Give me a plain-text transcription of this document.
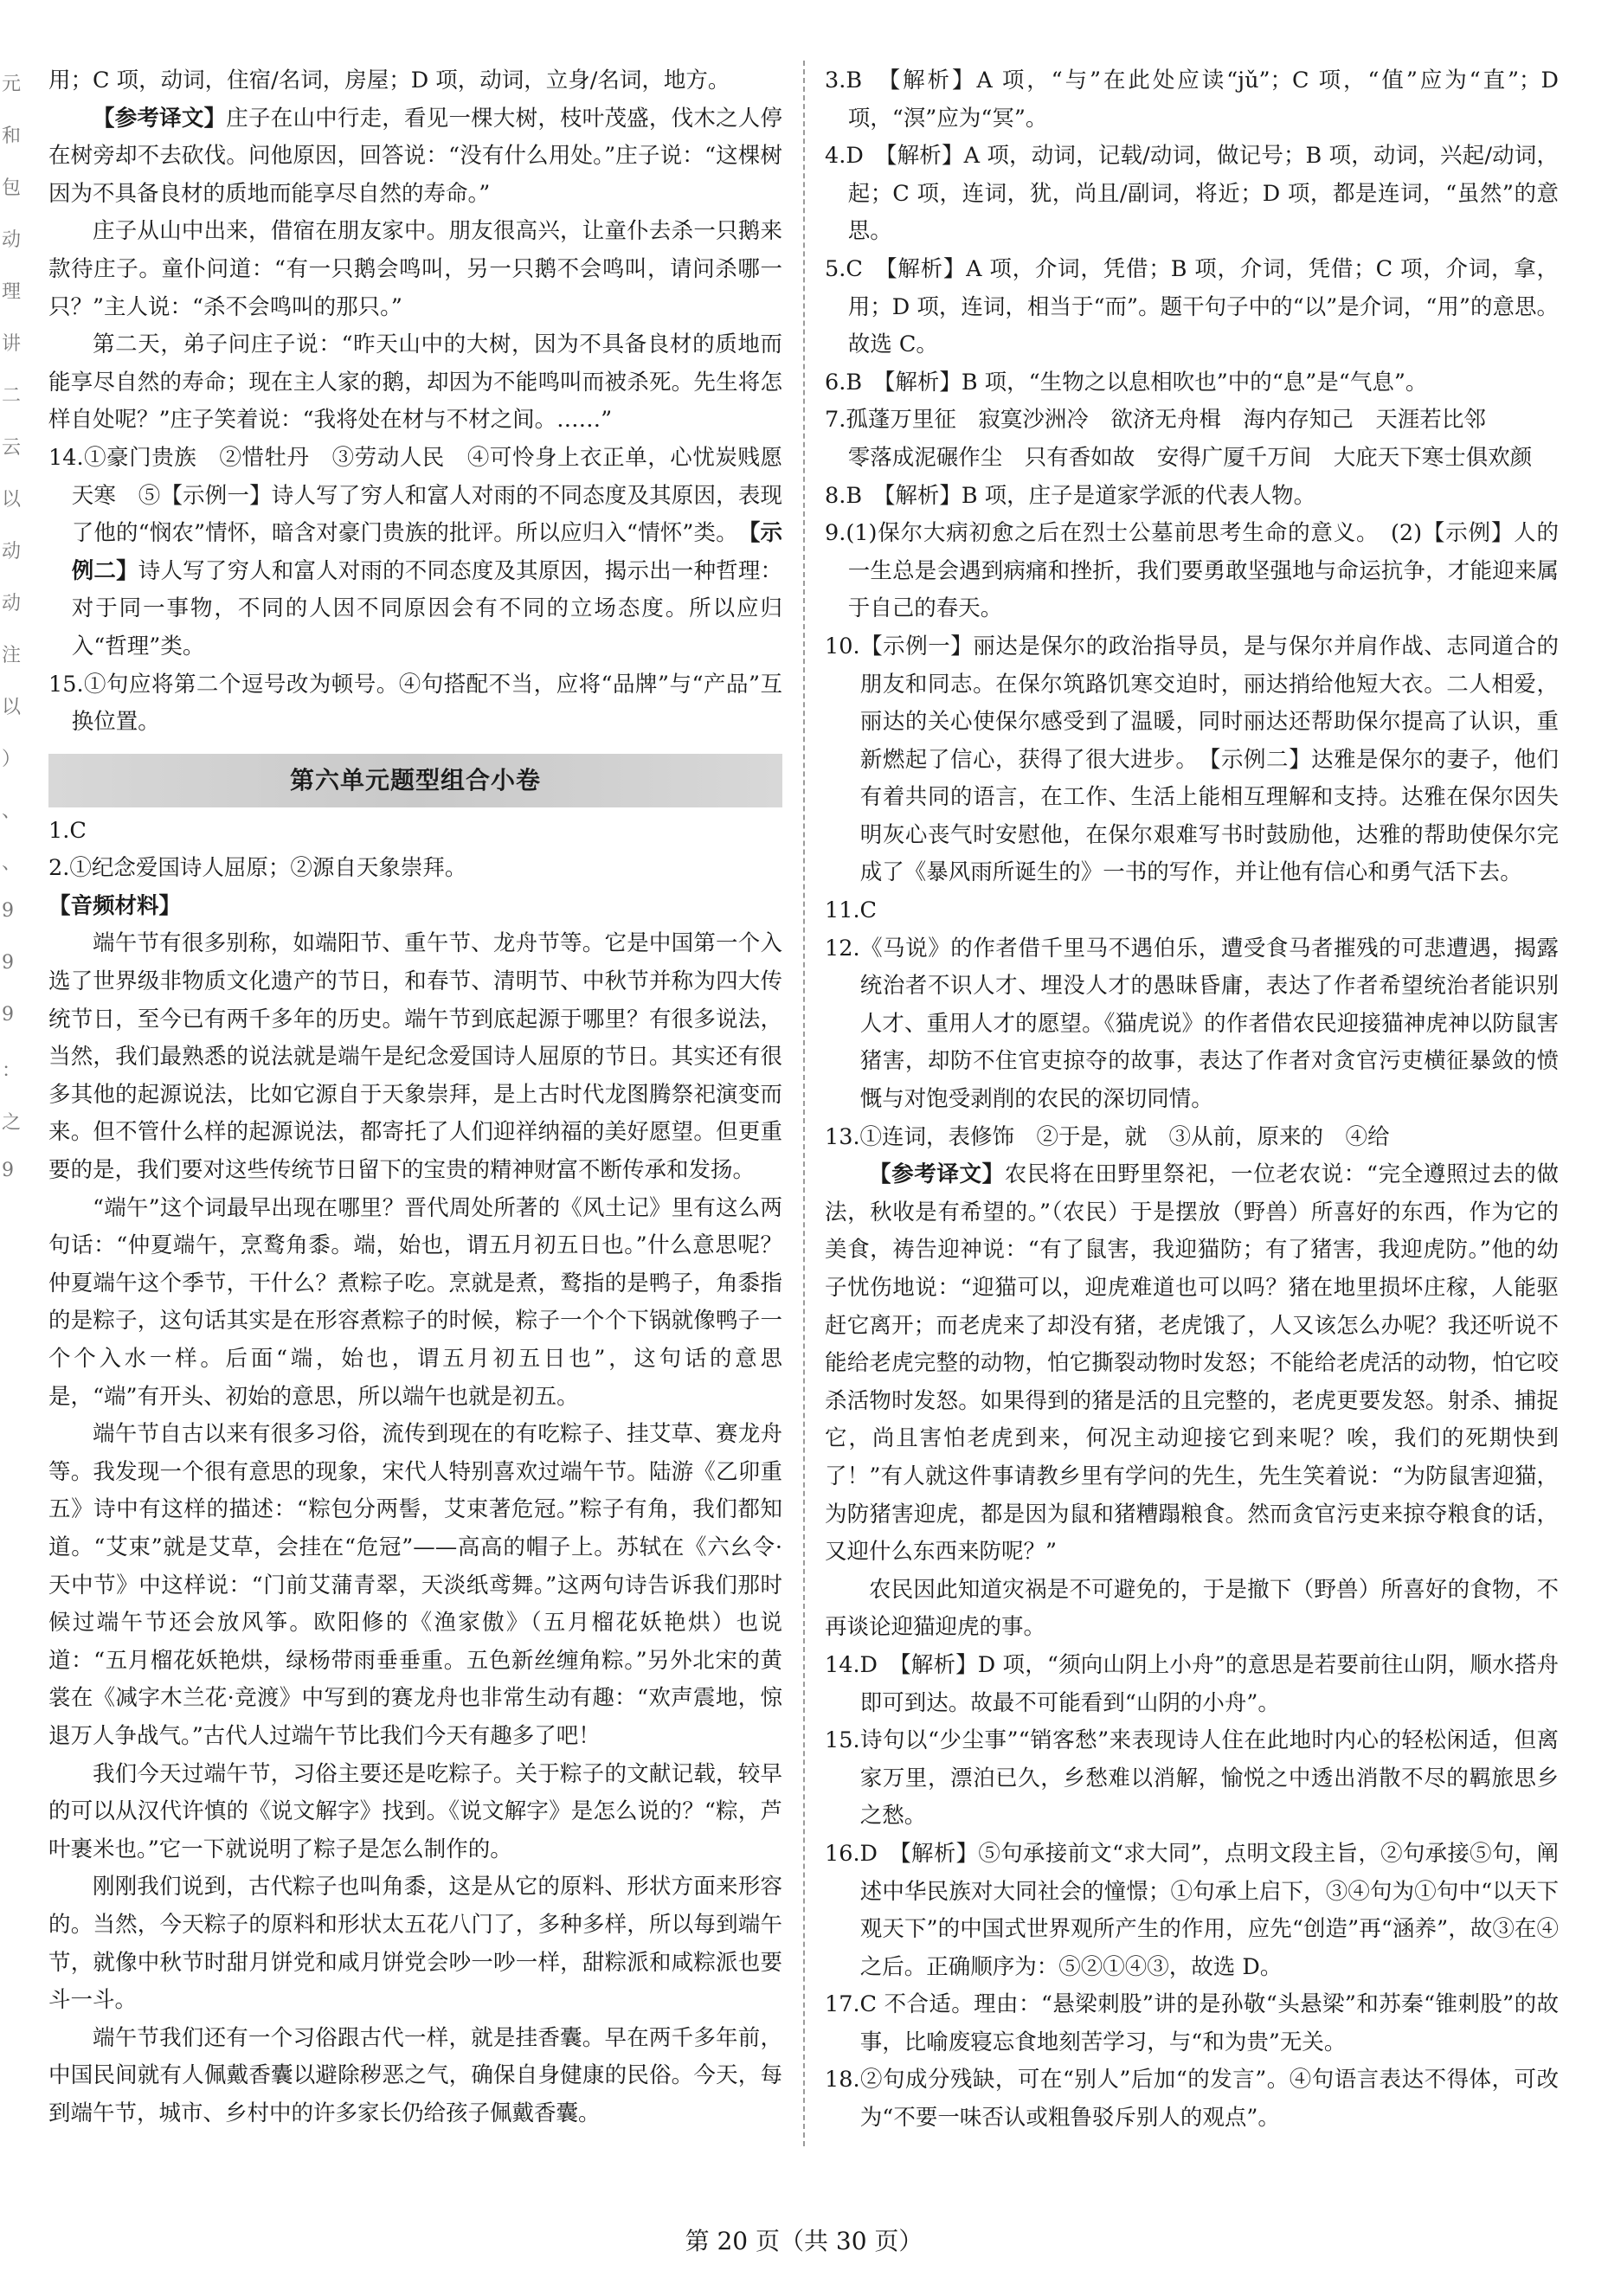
元
和
包
动
理
讲
二
云
以
动
动
注
以
）
、
、
9
9
9
：
之
9

用；C 项，动词，住宿/名词，房屋；D 项，动词，立身/名词，地方。

【参考译文】庄子在山中行走，看见一棵大树，枝叶茂盛，伐木之人停在树旁却不去砍伐。问他原因，回答说：“没有什么用处。”庄子说：“这棵树因为不具备良材的质地而能享尽自然的寿命。”

庄子从山中出来，借宿在朋友家中。朋友很高兴，让童仆去杀一只鹅来款待庄子。童仆问道：“有一只鹅会鸣叫，另一只鹅不会鸣叫，请问杀哪一只？”主人说：“杀不会鸣叫的那只。”

第二天，弟子问庄子说：“昨天山中的大树，因为不具备良材的质地而能享尽自然的寿命；现在主人家的鹅，却因为不能鸣叫而被杀死。先生将怎样自处呢？”庄子笑着说：“我将处在材与不材之间。……”

14.①豪门贵族　②惜牡丹　③劳动人民　④可怜身上衣正单，心忧炭贱愿天寒　⑤【示例一】诗人写了穷人和富人对雨的不同态度及其原因，表现了他的“悯农”情怀，暗含对豪门贵族的批评。所以应归入“情怀”类。　 【示例二】诗人写了穷人和富人对雨的不同态度及其原因，揭示出一种哲理：对于同一事物，不同的人因不同原因会有不同的立场态度。所以应归入“哲理”类。

15.①句应将第二个逗号改为顿号。④句搭配不当，应将“品牌”与“产品”互换位置。

第六单元题型组合小卷

1.C

2.①纪念爱国诗人屈原；②源自天象崇拜。

【音频材料】

端午节有很多别称，如端阳节、重午节、龙舟节等。它是中国第一个入选了世界级非物质文化遗产的节日，和春节、清明节、中秋节并称为四大传统节日，至今已有两千多年的历史。端午节到底起源于哪里？有很多说法，当然，我们最熟悉的说法就是端午是纪念爱国诗人屈原的节日。其实还有很多其他的起源说法，比如它源自于天象崇拜，是上古时代龙图腾祭祀演变而来。但不管什么样的起源说法，都寄托了人们迎祥纳福的美好愿望。但更重要的是，我们要对这些传统节日留下的宝贵的精神财富不断传承和发扬。

“端午”这个词最早出现在哪里？晋代周处所著的《风土记》里有这么两句话：“仲夏端午，烹鹜角黍。端，始也，谓五月初五日也。”什么意思呢？仲夏端午这个季节，干什么？煮粽子吃。烹就是煮，鹜指的是鸭子，角黍指的是粽子，这句话其实是在形容煮粽子的时候，粽子一个个下锅就像鸭子一个个入水一样。后面“端，始也，谓五月初五日也”，这句话的意思是，“端”有开头、初始的意思，所以端午也就是初五。

端午节自古以来有很多习俗，流传到现在的有吃粽子、挂艾草、赛龙舟等。我发现一个很有意思的现象，宋代人特别喜欢过端午节。陆游《乙卯重五》诗中有这样的描述：“粽包分两髻，艾束著危冠。”粽子有角，我们都知道。“艾束”就是艾草，会挂在“危冠”——高高的帽子上。苏轼在《六幺令·天中节》中这样说：“门前艾蒲青翠，天淡纸鸢舞。”这两句诗告诉我们那时候过端午节还会放风筝。欧阳修的《渔家傲》（五月榴花妖艳烘）也说道：“五月榴花妖艳烘，绿杨带雨垂垂重。五色新丝缠角粽。”另外北宋的黄裳在《减字木兰花·竞渡》中写到的赛龙舟也非常生动有趣：“欢声震地，惊退万人争战气。”古代人过端午节比我们今天有趣多了吧！

我们今天过端午节，习俗主要还是吃粽子。关于粽子的文献记载，较早的可以从汉代许慎的《说文解字》找到。《说文解字》是怎么说的？“粽，芦叶裹米也。”它一下就说明了粽子是怎么制作的。

刚刚我们说到，古代粽子也叫角黍，这是从它的原料、形状方面来形容的。当然，今天粽子的原料和形状太五花八门了，多种多样，所以每到端午节，就像中秋节时甜月饼党和咸月饼党会吵一吵一样，甜粽派和咸粽派也要斗一斗。

端午节我们还有一个习俗跟古代一样，就是挂香囊。早在两千多年前，中国民间就有人佩戴香囊以避除秽恶之气，确保自身健康的民俗。今天，每到端午节，城市、乡村中的许多家长仍给孩子佩戴香囊。

3.B　【解析】A 项，“与”在此处应读“jǔ”；C 项，“值”应为“直”；D 项，“溟”应为“冥”。

4.D　【解析】A 项，动词，记载/动词，做记号；B 项，动词，兴起/动词，起；C 项，连词，犹，尚且/副词，将近；D 项，都是连词，“虽然”的意思。

5.C　【解析】A 项，介词，凭借；B 项，介词，凭借；C 项，介词，拿，用；D 项，连词，相当于“而”。题干句子中的“以”是介词，“用”的意思。故选 C。

6.B　【解析】B 项，“生物之以息相吹也”中的“息”是“气息”。

7.孤蓬万里征　寂寞沙洲冷　欲济无舟楫　海内存知己　天涯若比邻

零落成泥碾作尘　只有香如故　安得广厦千万间　大庇天下寒士俱欢颜

8.B　【解析】B 项，庄子是道家学派的代表人物。

9.(1)保尔大病初愈之后在烈士公墓前思考生命的意义。　(2)【示例】人的一生总是会遇到病痛和挫折，我们要勇敢坚强地与命运抗争，才能迎来属于自己的春天。

10.【示例一】丽达是保尔的政治指导员，是与保尔并肩作战、志同道合的朋友和同志。在保尔筑路饥寒交迫时，丽达捎给他短大衣。二人相爱，丽达的关心使保尔感受到了温暖，同时丽达还帮助保尔提高了认识，重新燃起了信心，获得了很大进步。　【示例二】达雅是保尔的妻子，他们有着共同的语言，在工作、生活上能相互理解和支持。达雅在保尔因失明灰心丧气时安慰他，在保尔艰难写书时鼓励他，达雅的帮助使保尔完成了《暴风雨所诞生的》一书的写作，并让他有信心和勇气活下去。

11.C

12.《马说》的作者借千里马不遇伯乐，遭受食马者摧残的可悲遭遇，揭露统治者不识人才、埋没人才的愚昧昏庸，表达了作者希望统治者能识别人才、重用人才的愿望。《猫虎说》的作者借农民迎接猫神虎神以防鼠害猪害，却防不住官吏掠夺的故事，表达了作者对贪官污吏横征暴敛的愤慨与对饱受剥削的农民的深切同情。

13.①连词，表修饰　②于是，就　③从前，原来的　④给

【参考译文】农民将在田野里祭祀，一位老农说：“完全遵照过去的做法，秋收是有希望的。”（农民）于是摆放（野兽）所喜好的东西，作为它的美食，祷告迎神说：“有了鼠害，我迎猫防；有了猪害，我迎虎防。”他的幼子忧伤地说：“迎猫可以，迎虎难道也可以吗？猪在地里损坏庄稼，人能驱赶它离开；而老虎来了却没有猪，老虎饿了，人又该怎么办呢？我还听说不能给老虎完整的动物，怕它撕裂动物时发怒；不能给老虎活的动物，怕它咬杀活物时发怒。如果得到的猪是活的且完整的，老虎更要发怒。射杀、捕捉它，尚且害怕老虎到来，何况主动迎接它到来呢？唉，我们的死期快到了！”有人就这件事请教乡里有学问的先生，先生笑着说：“为防鼠害迎猫，为防猪害迎虎，都是因为鼠和猪糟蹋粮食。然而贪官污吏来掠夺粮食的话，又迎什么东西来防呢？”

农民因此知道灾祸是不可避免的，于是撤下（野兽）所喜好的食物，不再谈论迎猫迎虎的事。

14.D　【解析】D 项，“须向山阴上小舟”的意思是若要前往山阴，顺水搭舟即可到达。故最不可能看到“山阴的小舟”。

15.诗句以“少尘事”“销客愁”来表现诗人住在此地时内心的轻松闲适，但离家万里，漂泊已久，乡愁难以消解，愉悦之中透出消散不尽的羁旅思乡之愁。

16.D　【解析】⑤句承接前文“求大同”，点明文段主旨，②句承接⑤句，阐述中华民族对大同社会的憧憬；①句承上启下，③④句为①句中“以天下观天下”的中国式世界观所产生的作用，应先“创造”再“涵养”，故③在④之后。正确顺序为：⑤②①④③，故选 D。

17.C 不合适。理由：“悬梁刺股”讲的是孙敬“头悬梁”和苏秦“锥刺股”的故事，比喻废寝忘食地刻苦学习，与“和为贵”无关。

18.②句成分残缺，可在“别人”后加“的发言”。④句语言表达不得体，可改为“不要一味否认或粗鲁驳斥别人的观点”。

第 20 页（共 30 页）
